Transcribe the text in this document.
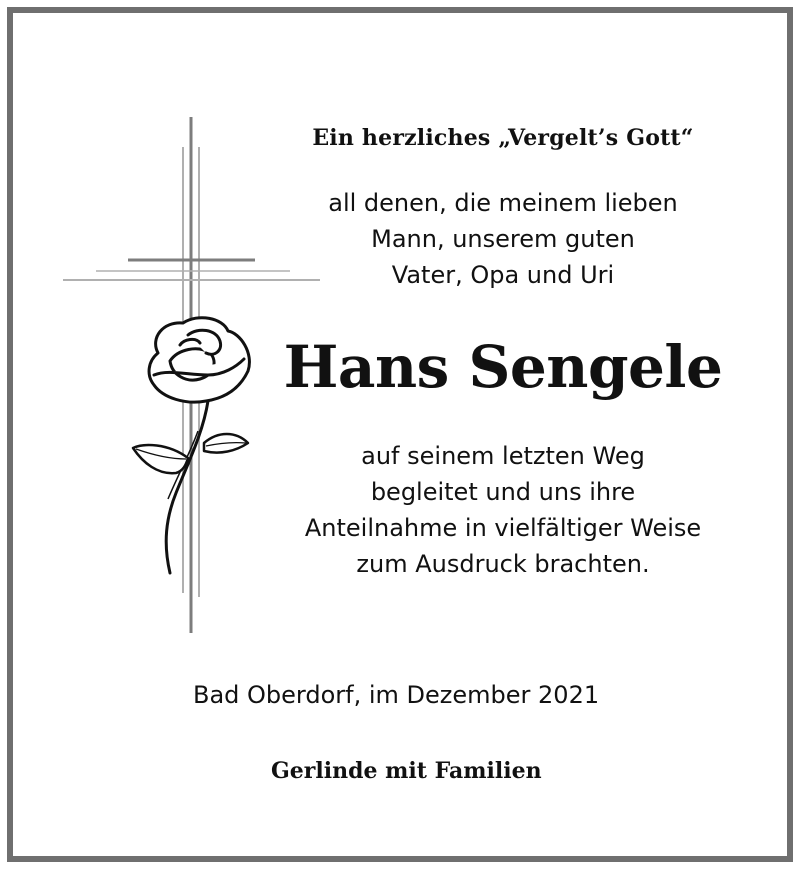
Ein herzliches „Vergelt’s Gott“
all denen, die meinem lieben
Mann, unserem guten
Vater, Opa und Uri
Hans Sengele
auf seinem letzten Weg
begleitet und uns ihre
Anteilnahme in vielfältiger Weise
zum Ausdruck brachten.
Bad Oberdorf, im Dezember 2021
Gerlinde mit Familien
